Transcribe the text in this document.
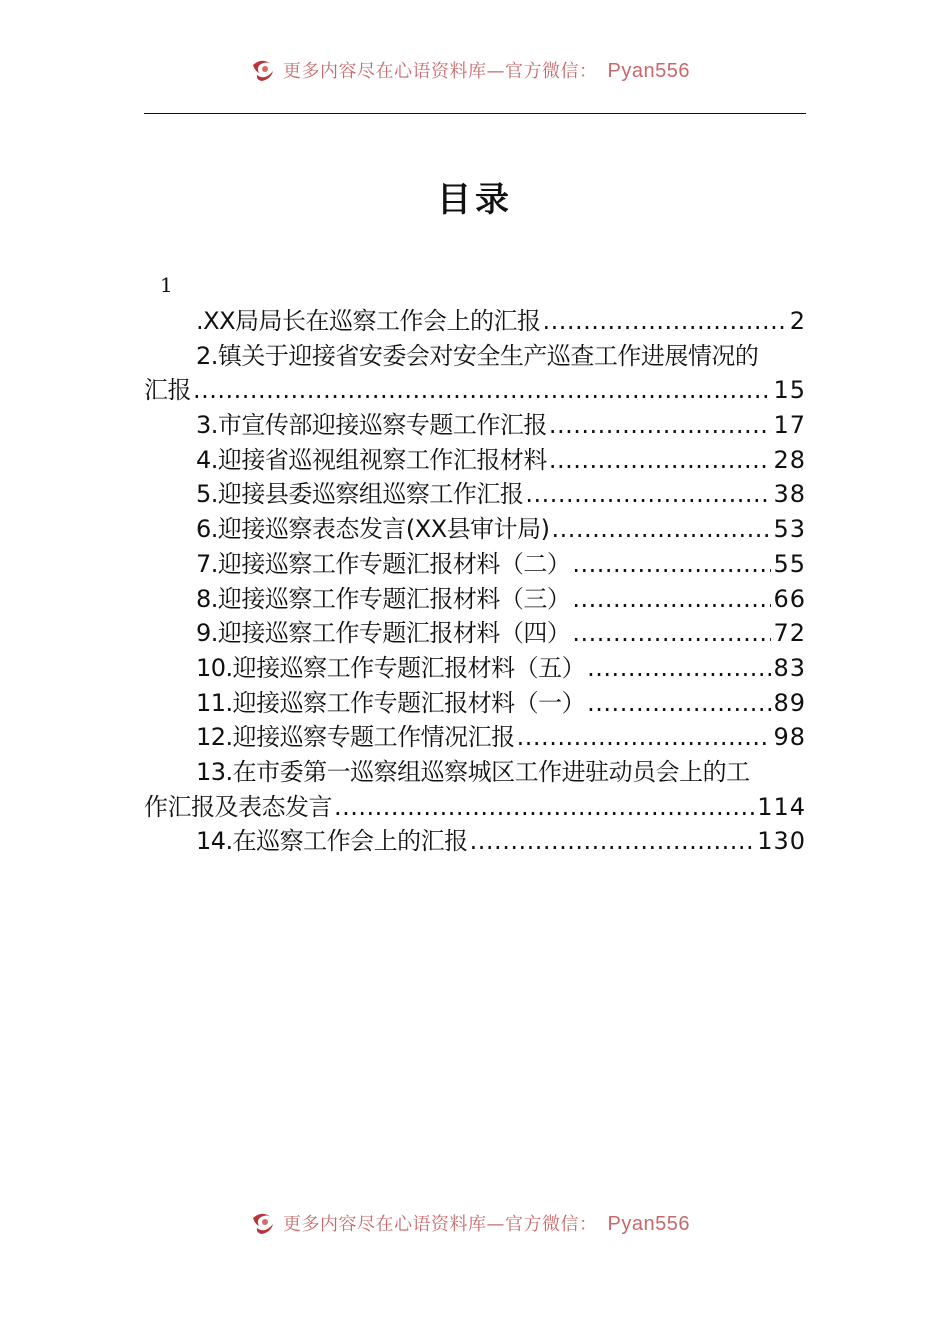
更多内容尽在心语资料库—官方微信： Pyan556
目录
1
.XX局局长在巡察工作会上的汇报 .....	2
2.镇关于迎接省安委会对安全生产巡查工作进展情况的
汇报 .....	15
3.市宣传部迎接巡察专题工作汇报 .....	17
4.迎接省巡视组视察工作汇报材料 .....	28
5.迎接县委巡察组巡察工作汇报 .....	38
6.迎接巡察表态发言(XX县审计局) .....	53
7.迎接巡察工作专题汇报材料（二） .....	55
8.迎接巡察工作专题汇报材料（三） .....	66
9.迎接巡察工作专题汇报材料（四） .....	72
10.迎接巡察工作专题汇报材料（五） .....	83
11.迎接巡察工作专题汇报材料（一） .....	89
12.迎接巡察专题工作情况汇报 .....	98
13.在市委第一巡察组巡察城区工作进驻动员会上的工
作汇报及表态发言 .....	114
14.在巡察工作会上的汇报 .....	130
更多内容尽在心语资料库—官方微信： Pyan556
